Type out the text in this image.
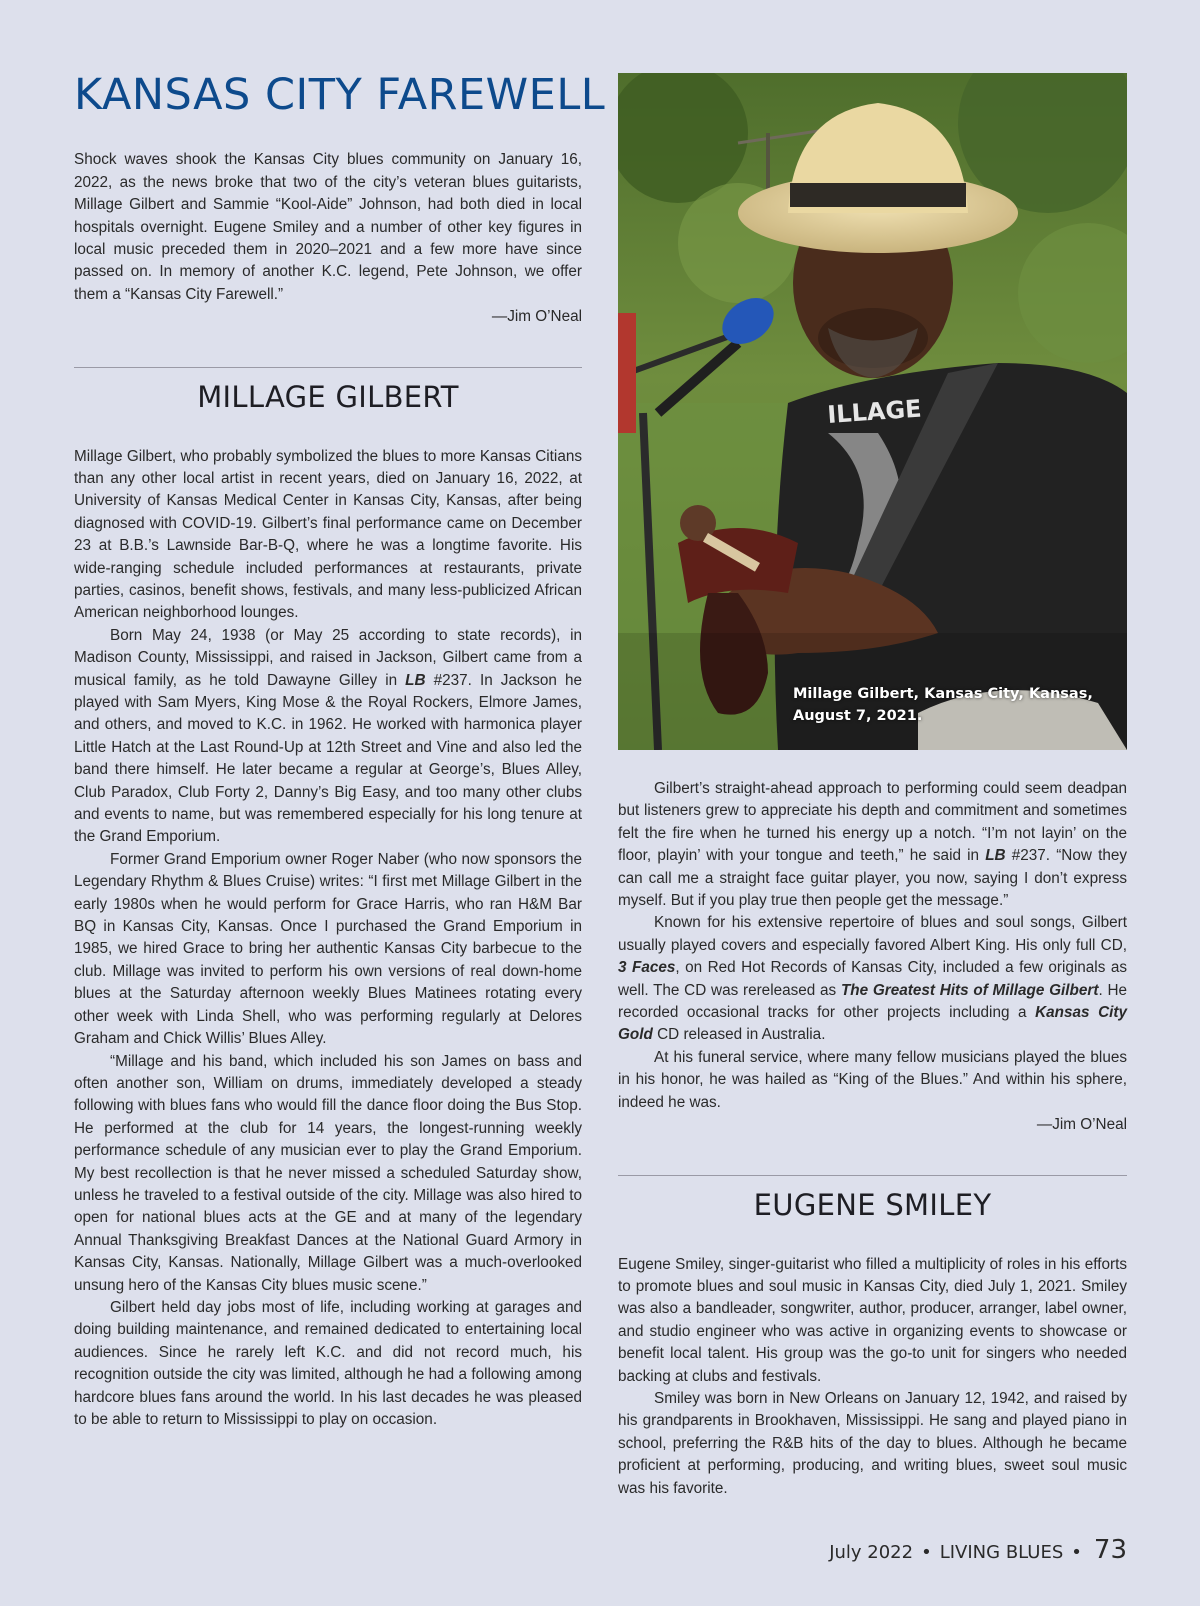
KANSAS CITY FAREWELL

Shock waves shook the Kansas City blues community on January 16, 2022, as the news broke that two of the city’s veteran blues guitarists, Millage Gilbert and Sammie “Kool-Aide” Johnson, had both died in local hospitals overnight. Eugene Smiley and a number of other key figures in local music preceded them in 2020–2021 and a few more have since passed on. In memory of another K.C. legend, Pete Johnson, we offer them a “Kansas City Farewell.”

—Jim O’Neal

MILLAGE GILBERT

Millage Gilbert, who probably symbolized the blues to more Kansas Citians than any other local artist in recent years, died on January 16, 2022, at University of Kansas Medical Center in Kansas City, Kansas, after being diagnosed with COVID-19. Gilbert’s final performance came on December 23 at B.B.’s Lawnside Bar-B-Q, where he was a longtime favorite. His wide-ranging schedule included performances at restaurants, private parties, casinos, benefit shows, festivals, and many less-publicized African American neighborhood lounges.

Born May 24, 1938 (or May 25 according to state records), in Madison County, Mississippi, and raised in Jackson, Gilbert came from a musical family, as he told Dawayne Gilley in LB #237. In Jackson he played with Sam Myers, King Mose & the Royal Rockers, Elmore James, and others, and moved to K.C. in 1962. He worked with harmonica player Little Hatch at the Last Round-Up at 12th Street and Vine and also led the band there himself. He later became a regular at George’s, Blues Alley, Club Paradox, Club Forty 2, Danny’s Big Easy, and too many other clubs and events to name, but was remembered especially for his long tenure at the Grand Emporium.

Former Grand Emporium owner Roger Naber (who now sponsors the Legendary Rhythm & Blues Cruise) writes: “I first met Millage Gilbert in the early 1980s when he would perform for Grace Harris, who ran H&M Bar BQ in Kansas City, Kansas. Once I purchased the Grand Emporium in 1985, we hired Grace to bring her authentic Kansas City barbecue to the club. Millage was invited to perform his own versions of real down-home blues at the Saturday afternoon weekly Blues Matinees rotating every other week with Linda Shell, who was performing regularly at Delores Graham and Chick Willis’ Blues Alley.

“Millage and his band, which included his son James on bass and often another son, William on drums, immediately developed a steady following with blues fans who would fill the dance floor doing the Bus Stop. He performed at the club for 14 years, the longest-running weekly performance schedule of any musician ever to play the Grand Emporium. My best recollection is that he never missed a scheduled Saturday show, unless he traveled to a festival outside of the city. Millage was also hired to open for national blues acts at the GE and at many of the legendary Annual Thanksgiving Breakfast Dances at the National Guard Armory in Kansas City, Kansas. Nationally, Millage Gilbert was a much-overlooked unsung hero of the Kansas City blues music scene.”

Gilbert held day jobs most of life, including working at garages and doing building maintenance, and remained dedicated to entertaining local audiences. Since he rarely left K.C. and did not record much, his recognition outside the city was limited, although he had a following among hardcore blues fans around the world. In his last decades he was pleased to be able to return to Mississippi to play on occasion.

ILLAGE
Millage Gilbert, Kansas City, Kansas,
August 7, 2021.

Gilbert’s straight-ahead approach to performing could seem deadpan but listeners grew to appreciate his depth and commitment and sometimes felt the fire when he turned his energy up a notch. “I’m not layin’ on the floor, playin’ with your tongue and teeth,” he said in LB #237. “Now they can call me a straight face guitar player, you now, saying I don’t express myself. But if you play true then people get the message.”

Known for his extensive repertoire of blues and soul songs, Gilbert usually played covers and especially favored Albert King. His only full CD, 3 Faces, on Red Hot Records of Kansas City, included a few originals as well. The CD was rereleased as The Greatest Hits of Millage Gilbert. He recorded occasional tracks for other projects including a Kansas City Gold CD released in Australia.

At his funeral service, where many fellow musicians played the blues in his honor, he was hailed as “King of the Blues.” And within his sphere, indeed he was.

—Jim O’Neal

EUGENE SMILEY

Eugene Smiley, singer-guitarist who filled a multiplicity of roles in his efforts to promote blues and soul music in Kansas City, died July 1, 2021. Smiley was also a bandleader, songwriter, author, producer, arranger, label owner, and studio engineer who was active in organizing events to showcase or benefit local talent. His group was the go-to unit for singers who needed backing at clubs and festivals.

Smiley was born in New Orleans on January 12, 1942, and raised by his grandparents in Brookhaven, Mississippi. He sang and played piano in school, preferring the R&B hits of the day to blues. Although he became proficient at performing, producing, and writing blues, sweet soul music was his favorite.

July 2022 • LIVING BLUES • 73
